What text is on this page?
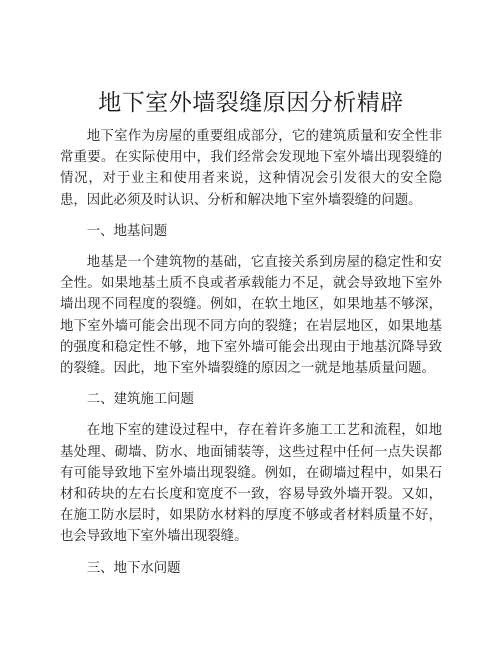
地下室外墙裂缝原因分析精辟

地下室作为房屋的重要组成部分，它的建筑质量和安全性非常重要。在实际使用中，我们经常会发现地下室外墙出现裂缝的情况，对于业主和使用者来说，这种情况会引发很大的安全隐患，因此必须及时认识、分析和解决地下室外墙裂缝的问题。

一、地基问题

地基是一个建筑物的基础，它直接关系到房屋的稳定性和安全性。如果地基土质不良或者承载能力不足，就会导致地下室外墙出现不同程度的裂缝。例如，在软土地区，如果地基不够深，地下室外墙可能会出现不同方向的裂缝；在岩层地区，如果地基的强度和稳定性不够，地下室外墙可能会出现由于地基沉降导致的裂缝。因此，地下室外墙裂缝的原因之一就是地基质量问题。

二、建筑施工问题

在地下室的建设过程中，存在着许多施工工艺和流程，如地基处理、砌墙、防水、地面铺装等，这些过程中任何一点失误都有可能导致地下室外墙出现裂缝。例如，在砌墙过程中，如果石材和砖块的左右长度和宽度不一致，容易导致外墙开裂。又如，在施工防水层时，如果防水材料的厚度不够或者材料质量不好，也会导致地下室外墙出现裂缝。

三、地下水问题
